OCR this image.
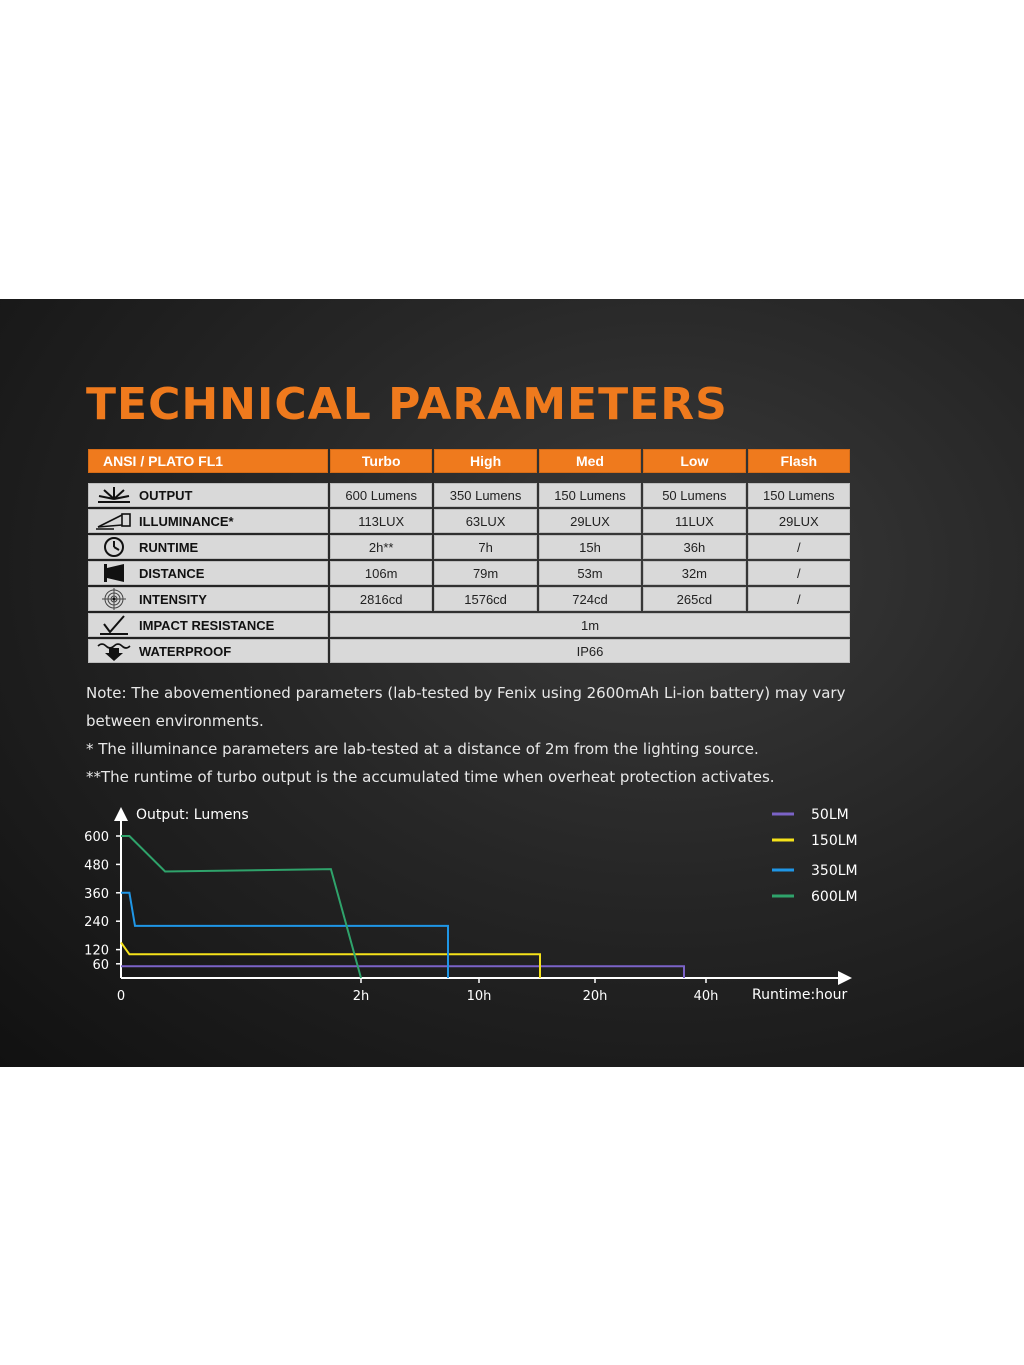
TECHNICAL PARAMETERS
ANSI / PLATO FL1	Turbo	High	Med	Low	Flash

OUTPUT	600 Lumens	350 Lumens	150 Lumens	50 Lumens	150 Lumens

ILLUMINANCE*	113LUX	63LUX	29LUX	11LUX	29LUX

RUNTIME	2h**	7h	15h	36h	/

DISTANCE	106m	79m	53m	32m	/

INTENSITY	2816cd	1576cd	724cd	265cd	/

IMPACT RESISTANCE	1m				

WATERPROOF	IP66				

Note: The abovementioned parameters (lab-tested by Fenix using 2600mAh Li-ion battery) may vary between environments.

* The illuminance parameters are lab-tested at a distance of 2m from the lighting source.

**The runtime of turbo output is the accumulated time when overheat protection activates.

Output: Lumens
Runtime:hour
600
480
360
240
120
60
0	2h	10h	20h	40h
50LM
150LM
350LM
600LM
